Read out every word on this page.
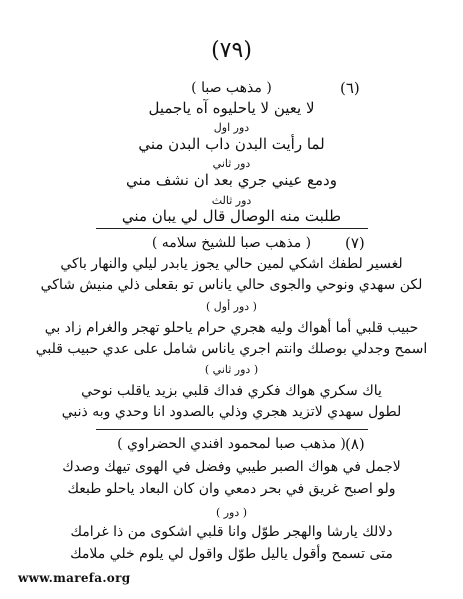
(٧٩)
(٦)
( مذهب صبا )
لا يعين لا ياحليوه آه ياجميل
دور اول
لما رأيت البدن داب البدن مني
دور ثاني
ودمع عيني جري بعد ان نشف مني
دور ثالث
طلبت منه الوصال قال لي يبان مني
(٧)
( مذهب صبا للشيخ سلامه )
لغسير لطفك اشكي لمين حالي يجوز يابدر ليلي والنهار باكي
لكن سهدي ونوحي والجوى حالي ياناس تو بقعلى ذلي منيش شاكي
( دور أول )
حبيب قلبي أما أهواك وليه هجري حرام ياحلو تهجر والغرام زاد بي
اسمح وجدلي بوصلك وانتم اجري ياناس شامل على عدي حبيب قلبي
( دور ثاني )
ياك سكري هواك فكري فداك قلبي بزيد ياقلب نوحي
لطول سهدي لاتزيد هجري وذلي بالصدود انا وحدي وبه ذنبي
(٨)
( مذهب صبا لمحمود افندي الحضراوي )
لاجمل في هواك الصبر طيبي وفضل في الهوى تيهك وصدك
ولو اصبح غريق في بحر دمعي وان كان البعاد ياحلو طبعك
( دور )
دلالك يارشا والهجر طوّل وانا قلبي اشكوى من ذا غرامك
متى تسمح وأقول ياليل طوّل واقول لي يلوم خلي ملامك
www.marefa.org
